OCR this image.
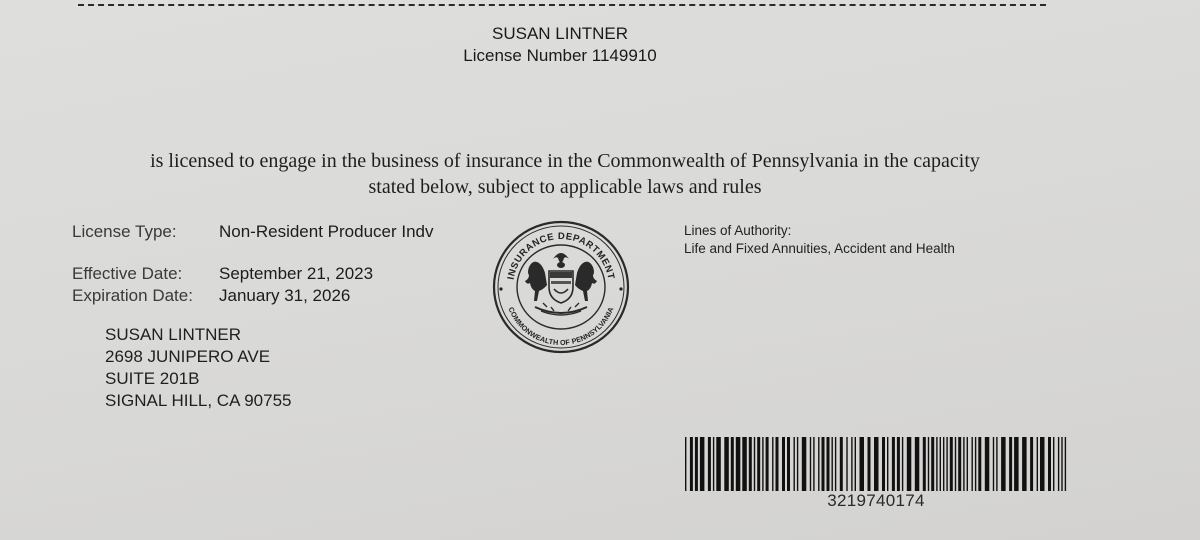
SUSAN LINTNER
License Number 1149910
is licensed to engage in the business of insurance in the Commonwealth of Pennsylvania in the capacity
stated below, subject to applicable laws and rules
License Type: Non-Resident Producer Indv
Effective Date: September 21, 2023
Expiration Date: January 31, 2026
SUSAN LINTNER
2698 JUNIPERO AVE
SUITE 201B
SIGNAL HILL, CA 90755
INSURANCE DEPARTMENT
COMMONWEALTH OF PENNSYLVANIA
Lines of Authority:
Life and Fixed Annuities, Accident and Health
3219740174
